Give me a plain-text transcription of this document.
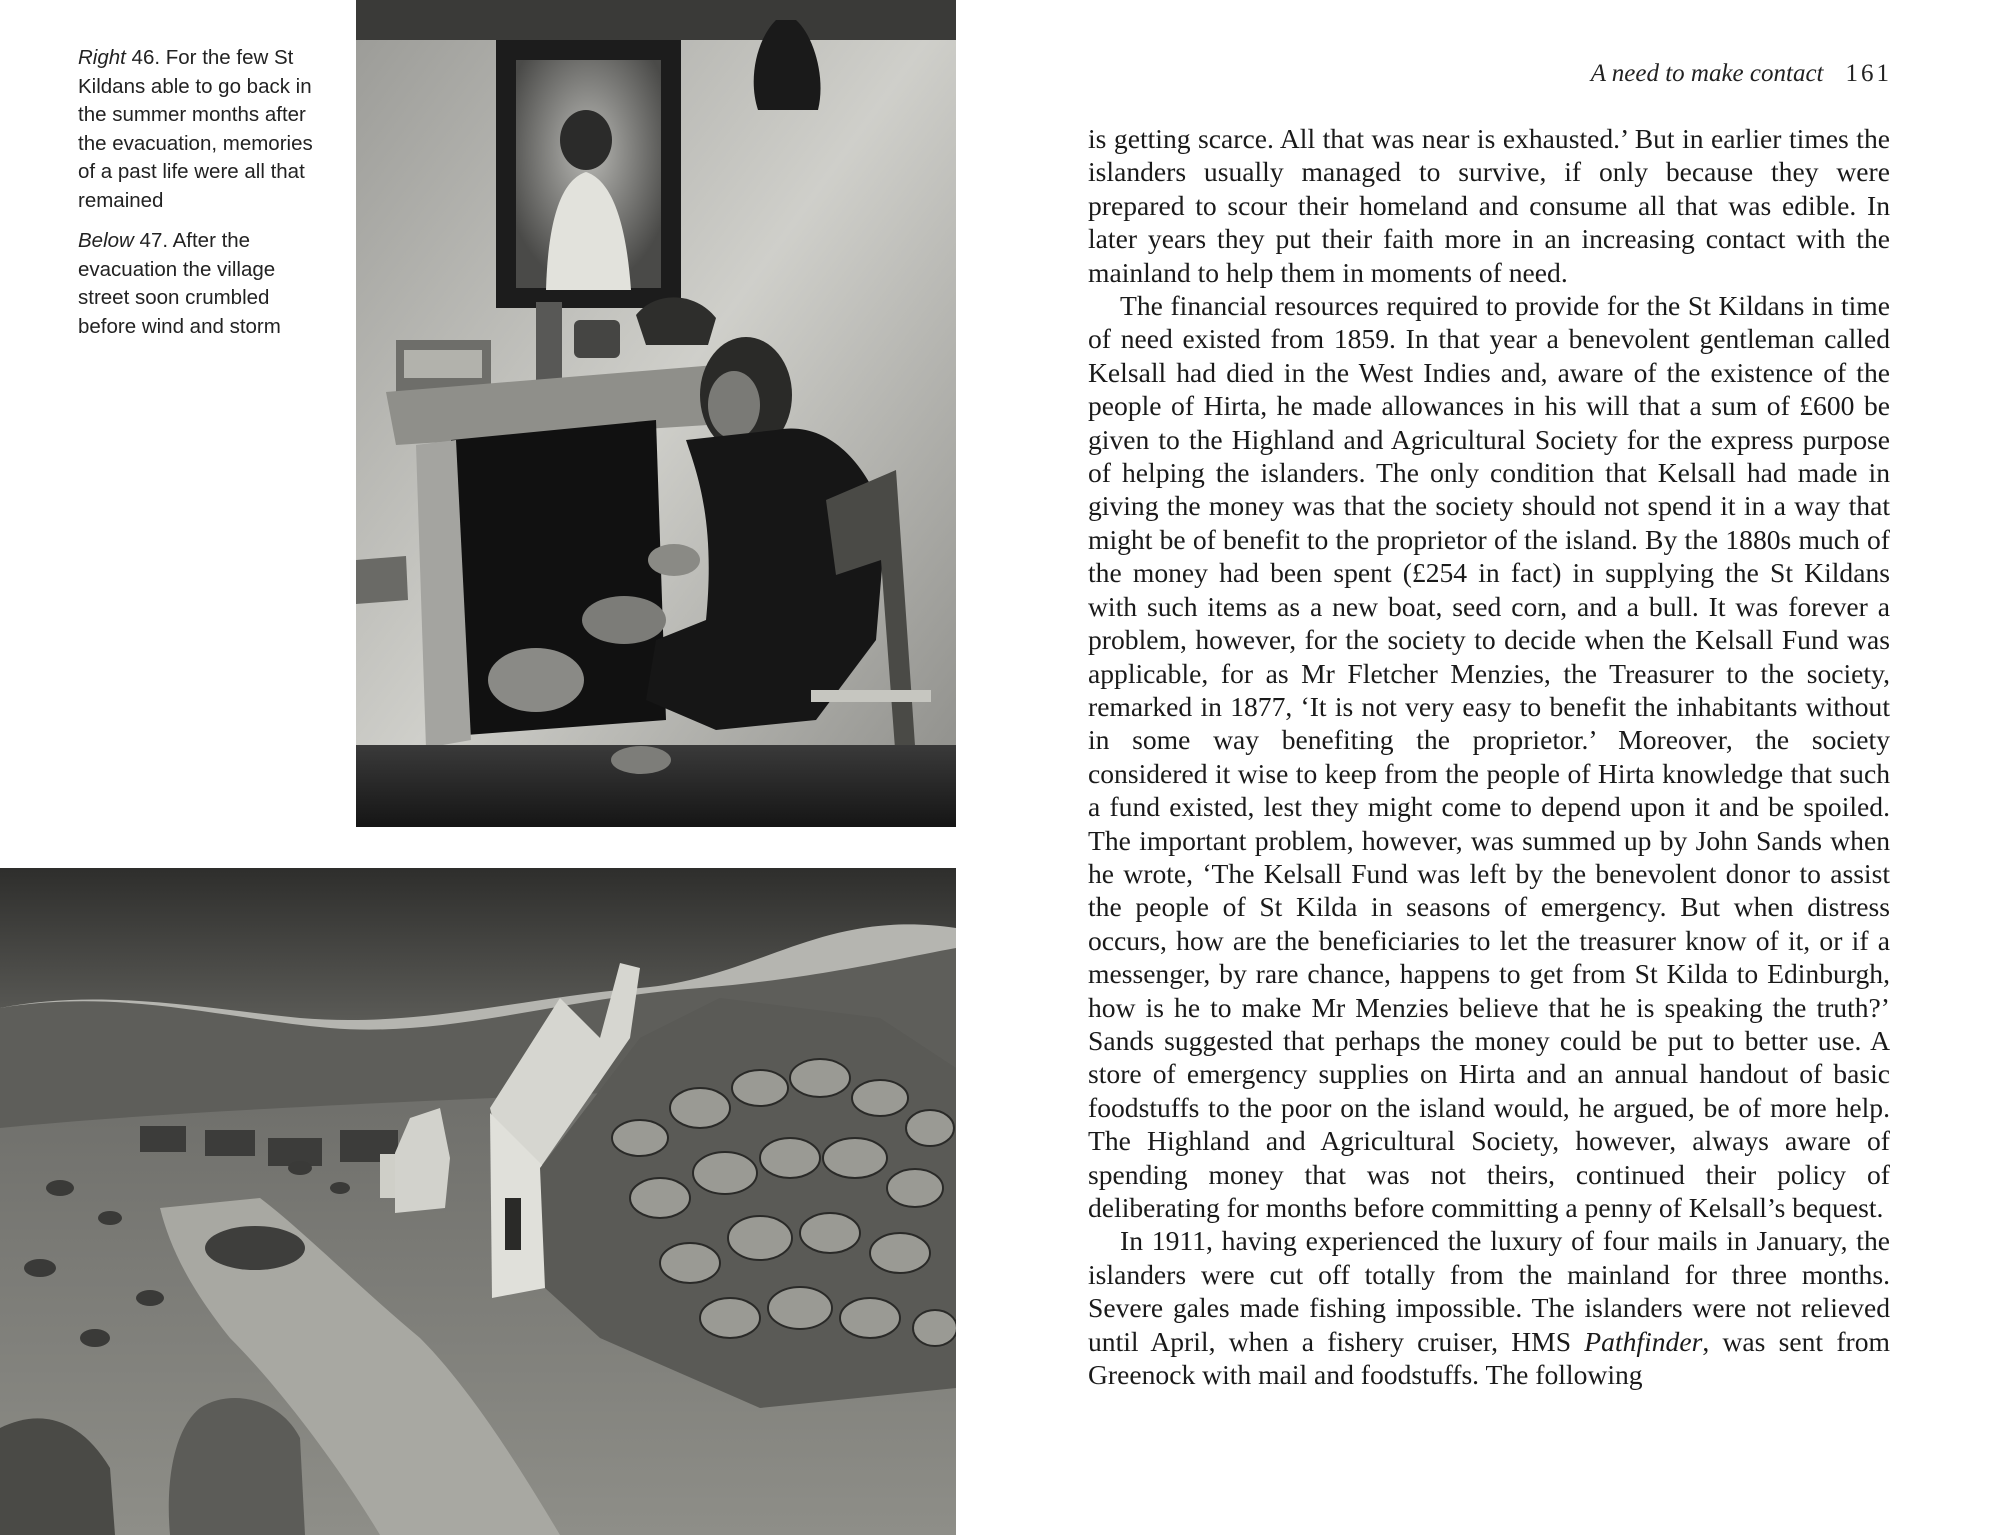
Right 46. For the few St Kildans able to go back in the summer months after the evacuation, memories of a past life were all that remained

Below 47. After the evacuation the village street soon crumbled before wind and storm

A need to make contact 161

is getting scarce. All that was near is exhausted.’ But in earlier times the islanders usually managed to survive, if only because they were prepared to scour their homeland and consume all that was edible. In later years they put their faith more in an increasing contact with the mainland to help them in moments of need.

The financial resources required to provide for the St Kildans in time of need existed from 1859. In that year a benevolent gentleman called Kelsall had died in the West Indies and, aware of the existence of the people of Hirta, he made allowances in his will that a sum of £600 be given to the Highland and Agricultural Society for the express purpose of helping the islanders. The only condition that Kelsall had made in giving the money was that the society should not spend it in a way that might be of benefit to the proprietor of the island. By the 1880s much of the money had been spent (£254 in fact) in supplying the St Kildans with such items as a new boat, seed corn, and a bull. It was forever a problem, however, for the society to decide when the Kelsall Fund was applicable, for as Mr Fletcher Menzies, the Treasurer to the society, remarked in 1877, ‘It is not very easy to benefit the inhabitants without in some way benefiting the proprietor.’ Moreover, the society considered it wise to keep from the people of Hirta knowledge that such a fund existed, lest they might come to depend upon it and be spoiled. The important problem, however, was summed up by John Sands when he wrote, ‘The Kelsall Fund was left by the benevolent donor to assist the people of St Kilda in seasons of emergency. But when distress occurs, how are the beneficiaries to let the treasurer know of it, or if a messenger, by rare chance, happens to get from St Kilda to Edinburgh, how is he to make Mr Menzies believe that he is speaking the truth?’ Sands suggested that perhaps the money could be put to better use. A store of emergency supplies on Hirta and an annual handout of basic foodstuffs to the poor on the island would, he argued, be of more help. The Highland and Agricultural Society, however, always aware of spending money that was not theirs, continued their policy of deliberating for months before committing a penny of Kelsall’s bequest.

In 1911, having experienced the luxury of four mails in January, the islanders were cut off totally from the mainland for three months. Severe gales made fishing impossible. The islanders were not relieved until April, when a fishery cruiser, HMS Pathfinder, was sent from Greenock with mail and foodstuffs. The following
